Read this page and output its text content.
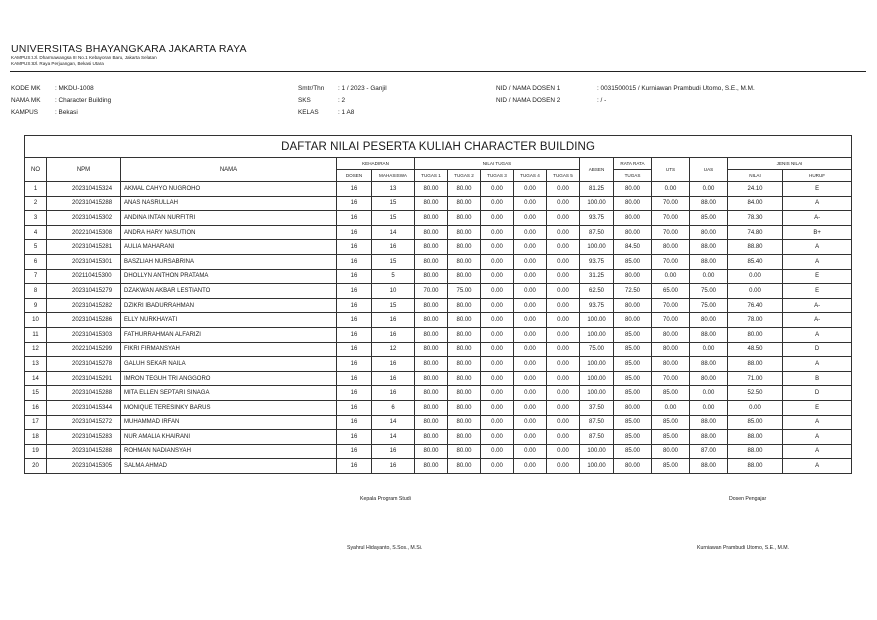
UNIVERSITAS BHAYANGKARA JAKARTA RAYA
KAMPUS I: Jl. Dharmawangsa III No.1 Kebayoran Baru, Jakarta Selatan
KAMPUS II: Jl. Raya Perjuangan, Bekasi Utara
KODE MK : MKDU-1008
NAMA MK : Character Building
KAMPUS	: Bekasi
Smtr/Thn : 1 / 2023 - Ganjil
SKS	: 2
KELAS	: 1 A8
NID / NAMA DOSEN 1	: 0031500015 / Kurniawan Prambudi Utomo, S.E., M.M.
NID / NAMA DOSEN 2	: / -
DAFTAR NILAI PESERTA KULIAH CHARACTER BUILDING															
NO	NPM	NAMA	KEHADIRAN		NILAI TUGAS					ABSEN	RATA RATA	UTS	UAS	JENIS NILAI	
			DOSEN	MAHASISWA	TUGAS 1	TUGAS 2	TUGAS 3	TUGAS 4	TUGAS 5		TUGAS			NILAI	HURUF
1	202310415324	AKMAL CAHYO NUGROHO	16	13	80.00	80.00	0.00	0.00	0.00	81.25	80.00	0.00	0.00	24.10	E
2	202310415288	ANAS NASRULLAH	16	15	80.00	80.00	0.00	0.00	0.00	100.00	80.00	70.00	88.00	84.00	A
3	202310415302	ANDINA INTAN NURFITRI	16	15	80.00	80.00	0.00	0.00	0.00	93.75	80.00	70.00	85.00	78.30	A-
4	202210415308	ANDRA HARY NASUTION	16	14	80.00	80.00	0.00	0.00	0.00	87.50	80.00	70.00	80.00	74.80	B+
5	202310415281	AULIA MAHARANI	16	16	80.00	80.00	0.00	0.00	0.00	100.00	84.50	80.00	88.00	88.80	A
6	202310415301	BASZLIAH NURSABRINA	16	15	80.00	80.00	0.00	0.00	0.00	93.75	85.00	70.00	88.00	85.40	A
7	202110415300	DHOLLYN ANTHON PRATAMA	16	5	80.00	80.00	0.00	0.00	0.00	31.25	80.00	0.00	0.00	0.00	E
8	202310415279	DZAKWAN AKBAR LESTIANTO	16	10	70.00	75.00	0.00	0.00	0.00	62.50	72.50	65.00	75.00	0.00	E
9	202310415282	DZIKRI IBADURRAHMAN	16	15	80.00	80.00	0.00	0.00	0.00	93.75	80.00	70.00	75.00	76.40	A-
10	202310415286	ELLY NURKHAYATI	16	16	80.00	80.00	0.00	0.00	0.00	100.00	80.00	70.00	80.00	78.00	A-
11	202310415303	FATHURRAHMAN ALFARIZI	16	16	80.00	80.00	0.00	0.00	0.00	100.00	85.00	80.00	88.00	80.00	A
12	202210415299	FIKRI FIRMANSYAH	16	12	80.00	80.00	0.00	0.00	0.00	75.00	85.00	80.00	0.00	48.50	D
13	202310415278	GALUH SEKAR NAILA	16	16	80.00	80.00	0.00	0.00	0.00	100.00	85.00	80.00	88.00	88.00	A
14	202310415291	IMRON TEGUH TRI ANGGORO	16	16	80.00	80.00	0.00	0.00	0.00	100.00	85.00	70.00	80.00	71.00	B
15	202310415288	MITA ELLEN SEPTARI SINAGA	16	16	80.00	80.00	0.00	0.00	0.00	100.00	85.00	85.00	0.00	52.50	D
16	202310415344	MONIQUE TERESINKY BARUS	16	6	80.00	80.00	0.00	0.00	0.00	37.50	80.00	0.00	0.00	0.00	E
17	202310415272	MUHAMMAD IRFAN	16	14	80.00	80.00	0.00	0.00	0.00	87.50	85.00	85.00	88.00	85.00	A
18	202310415283	NUR AMALIA KHAIRANI	16	14	80.00	80.00	0.00	0.00	0.00	87.50	85.00	85.00	88.00	88.00	A
19	202310415288	ROHMAN NADIANSYAH	16	16	80.00	80.00	0.00	0.00	0.00	100.00	85.00	80.00	87.00	88.00	A
20	202310415305	SALMA AHMAD	16	16	80.00	80.00	0.00	0.00	0.00	100.00	80.00	85.00	88.00	88.00	A
Kepala Program Studi	Dosen Pengajar
Syahrul Hidayanto, S.Sos., M.Si.	Kurniawan Prambudi Utomo, S.E., M.M.
